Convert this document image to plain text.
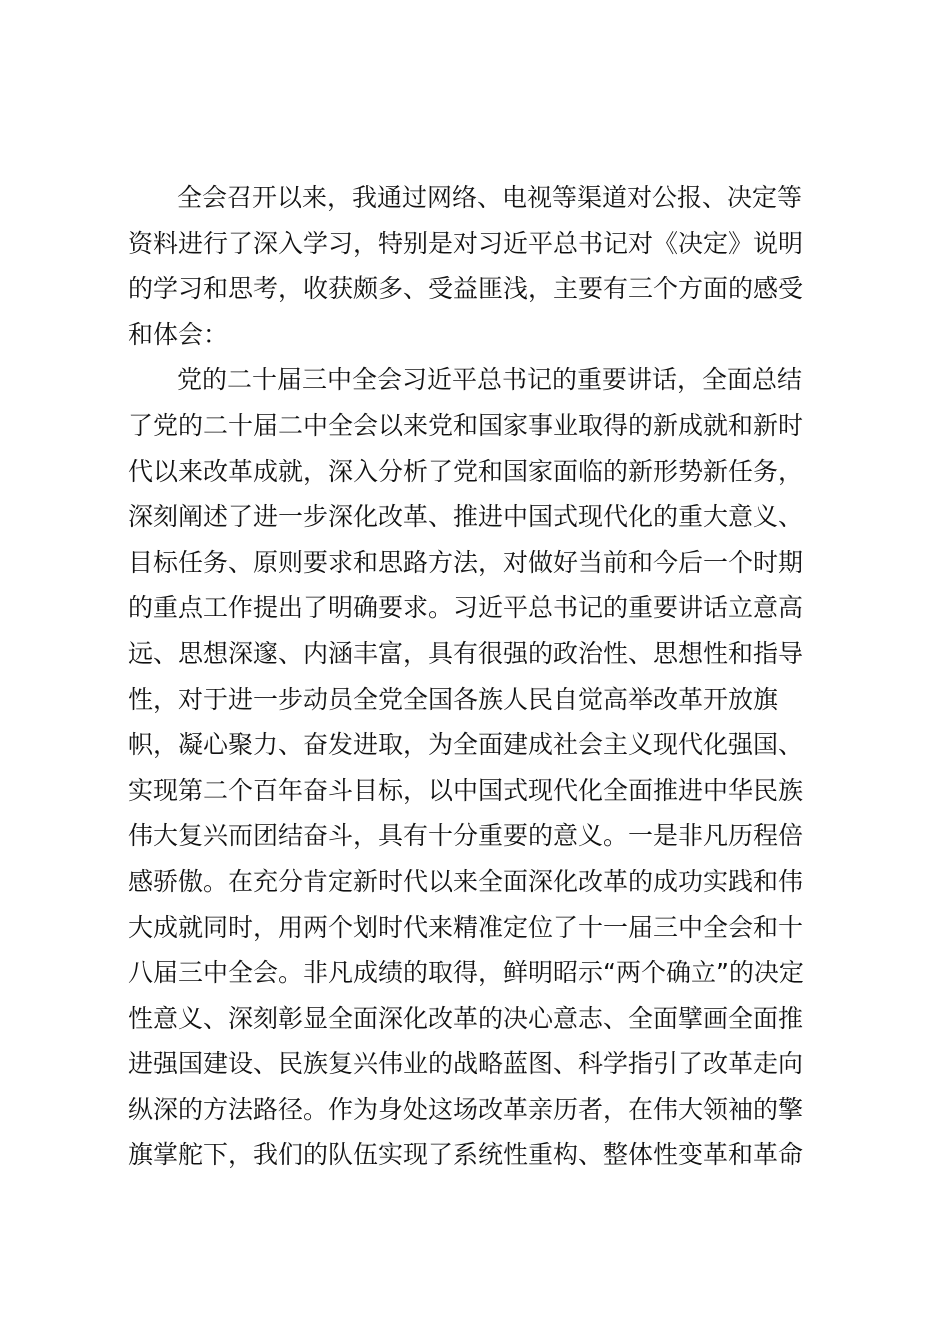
全会召开以来，我通过网络、电视等渠道对公报、决定等
资料进行了深入学习，特别是对习近平总书记对《决定》说明
的学习和思考，收获颇多、受益匪浅，主要有三个方面的感受
和体会：
党的二十届三中全会习近平总书记的重要讲话，全面总结
了党的二十届二中全会以来党和国家事业取得的新成就和新时
代以来改革成就，深入分析了党和国家面临的新形势新任务，
深刻阐述了进一步深化改革、推进中国式现代化的重大意义、
目标任务、原则要求和思路方法，对做好当前和今后一个时期
的重点工作提出了明确要求。习近平总书记的重要讲话立意高
远、思想深邃、内涵丰富，具有很强的政治性、思想性和指导
性，对于进一步动员全党全国各族人民自觉高举改革开放旗
帜，凝心聚力、奋发进取，为全面建成社会主义现代化强国、
实现第二个百年奋斗目标，以中国式现代化全面推进中华民族
伟大复兴而团结奋斗，具有十分重要的意义。一是非凡历程倍
感骄傲。在充分肯定新时代以来全面深化改革的成功实践和伟
大成就同时，用两个划时代来精准定位了十一届三中全会和十
八届三中全会。非凡成绩的取得，鲜明昭示“两个确立”的决定
性意义、深刻彰显全面深化改革的决心意志、全面擘画全面推
进强国建设、民族复兴伟业的战略蓝图、科学指引了改革走向
纵深的方法路径。作为身处这场改革亲历者，在伟大领袖的擎
旗掌舵下，我们的队伍实现了系统性重构、整体性变革和革命
